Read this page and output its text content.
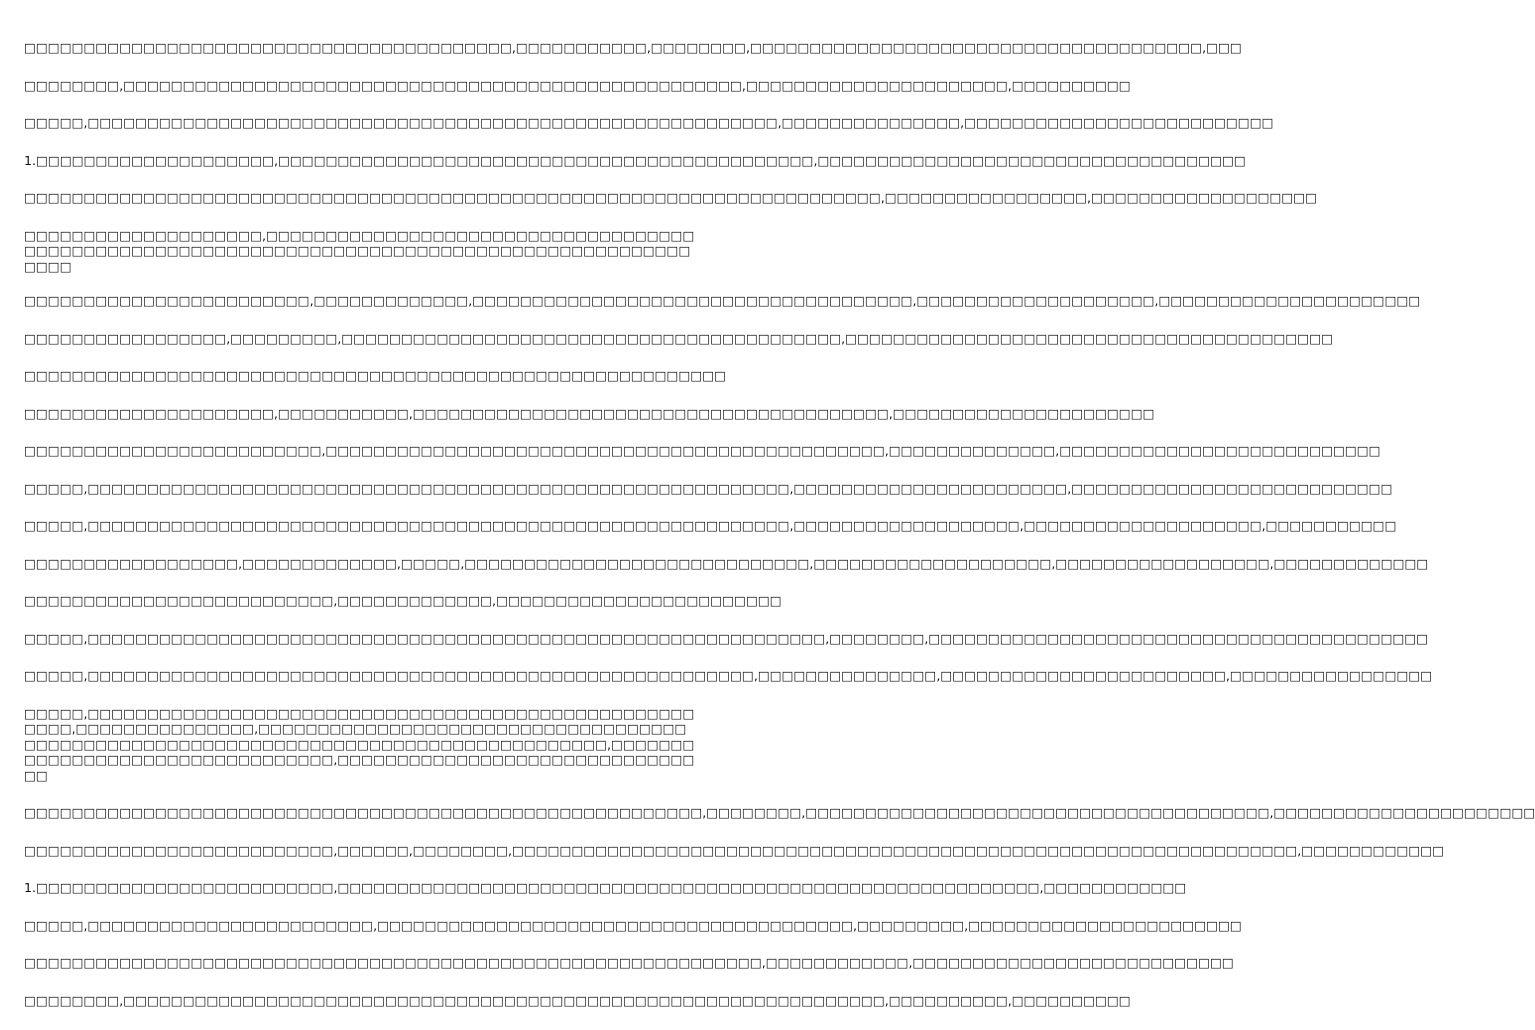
□□□□□□□□□□□□□□□□□□□□□□□□□□□□□□□□□□□□□□□□□,□□□□□□□□□□□,□□□□□□□□,□□□□□□□□□□□□□□□□□□□□□□□□□□□□□□□□□□□□□□,□□□

□□□□□□□□,□□□□□□□□□□□□□□□□□□□□□□□□□□□□□□□□□□□□□□□□□□□□□□□□□□□□,□□□□□□□□□□□□□□□□□□□□□□,□□□□□□□□□□

□□□□□,□□□□□□□□□□□□□□□□□□□□□□□□□□□□□□□□□□□□□□□□□□□□□□□□□□□□□□□□□□,□□□□□□□□□□□□□□□,□□□□□□□□□□□□□□□□□□□□□□□□□□

1.□□□□□□□□□□□□□□□□□□□□,□□□□□□□□□□□□□□□□□□□□□□□□□□□□□□□□□□□□□□□□□□□□□,□□□□□□□□□□□□□□□□□□□□□□□□□□□□□□□□□□□□

□□□□□□□□□□□□□□□□□□□□□□□□□□□□□□□□□□□□□□□□□□□□□□□□□□□□□□□□□□□□□□□□□□□□□□□□,□□□□□□□□□□□□□□□□□,□□□□□□□□□□□□□□□□□□□

□□□□□□□□□□□□□□□□□□□□,□□□□□□□□□□□□□□□□□□□□□□□□□□□□□□□□□□□□□□□□□□□□□□□□□□□□□□□□□□□□□□□□□□□□□□□□□□□□□□□□□□□□□□□□□□□□□□□□

□□□□□□□□□□□□□□□□□□□□□□□□,□□□□□□□□□□□□□,□□□□□□□□□□□□□□□□□□□□□□□□□□□□□□□□□□□□□,□□□□□□□□□□□□□□□□□□□□,□□□□□□□□□□□□□□□□□□□□□□

□□□□□□□□□□□□□□□□□,□□□□□□□□□,□□□□□□□□□□□□□□□□□□□□□□□□□□□□□□□□□□□□□□□□□□,□□□□□□□□□□□□□□□□□□□□□□□□□□□□□□□□□□□□□□□□□

□□□□□□□□□□□□□□□□□□□□□□□□□□□□□□□□□□□□□□□□□□□□□□□□□□□□□□□□□□□

□□□□□□□□□□□□□□□□□□□□□,□□□□□□□□□□□,□□□□□□□□□□□□□□□□□□□□□□□□□□□□□□□□□□□□□□□□,□□□□□□□□□□□□□□□□□□□□□□

□□□□□□□□□□□□□□□□□□□□□□□□□,□□□□□□□□□□□□□□□□□□□□□□□□□□□□□□□□□□□□□□□□□□□□□□□,□□□□□□□□□□□□□□,□□□□□□□□□□□□□□□□□□□□□□□□□□□

□□□□□,□□□□□□□□□□□□□□□□□□□□□□□□□□□□□□□□□□□□□□□□□□□□□□□□□□□□□□□□□□□,□□□□□□□□□□□□□□□□□□□□□□□,□□□□□□□□□□□□□□□□□□□□□□□□□□□

□□□□□,□□□□□□□□□□□□□□□□□□□□□□□□□□□□□□□□□□□□□□□□□□□□□□□□□□□□□□□□□□□,□□□□□□□□□□□□□□□□□□□,□□□□□□□□□□□□□□□□□□□□,□□□□□□□□□□□

□□□□□□□□□□□□□□□□□□,□□□□□□□□□□□□□,□□□□□,□□□□□□□□□□□□□□□□□□□□□□□□□□□□□,□□□□□□□□□□□□□□□□□□□□,□□□□□□□□□□□□□□□□□□,□□□□□□□□□□□□□

□□□□□□□□□□□□□□□□□□□□□□□□□□,□□□□□□□□□□□□□,□□□□□□□□□□□□□□□□□□□□□□□□

□□□□□,□□□□□□□□□□□□□□□□□□□□□□□□□□□□□□□□□□□□□□□□□□□□□□□□□□□□□□□□□□□□□□,□□□□□□□□,□□□□□□□□□□□□□□□□□□□□□□□□□□□□□□□□□□□□□□□□□□

□□□□□,□□□□□□□□□□□□□□□□□□□□□□□□□□□□□□□□□□□□□□□□□□□□□□□□□□□□□□□□,□□□□□□□□□□□□□□□,□□□□□□□□□□□□□□□□□□□□□□□□,□□□□□□□□□□□□□□□□□

□□□□□,□□□□□□□□□□□□□□□□□□□□□□□□□□□□□□□□□□□□□□□□□□□□□□□□□□□□□□□,□□□□□□□□□□□□□□□,□□□□□□□□□□□□□□□□□□□□□□□□□□□□□□□□□□□□□□□□□□□□□□□□□□□□□□□□□□□□□□□□□□□□□□□□□□□□□□□□□□□□□,□□□□□□□□□□□□□□□□□□□□□□□□□□□□□□□□□,□□□□□□□□□□□□□□□□□□□□□□□□□□□□□□□□

□□□□□□□□□□□□□□□□□□□□□□□□□□□□□□□□□□□□□□□□□□□□□□□□□□□□□□□□□,□□□□□□□□,□□□□□□□□□□□□□□□□□□□□□□□□□□□□□□□□□□□□□□□,□□□□□□□□□□□□□□□□□□□□□□

□□□□□□□□□□□□□□□□□□□□□□□□□□,□□□□□□,□□□□□□□□,□□□□□□□□□□□□□□□□□□□□□□□□□□□□□□□□□□□□□□□□□□□□□□□□□□□□□□□□□□□□□□□□□□,□□□□□□□□□□□□

1.□□□□□□□□□□□□□□□□□□□□□□□□□,□□□□□□□□□□□□□□□□□□□□□□□□□□□□□□□□□□□□□□□□□□□□□□□□□□□□□□□□□□□,□□□□□□□□□□□□

□□□□□,□□□□□□□□□□□□□□□□□□□□□□□□,□□□□□□□□□□□□□□□□□□□□□□□□□□□□□□□□□□□□□□□□,□□□□□□□□□,□□□□□□□□□□□□□□□□□□□□□□□

□□□□□□□□□□□□□□□□□□□□□□□□□□□□□□□□□□□□□□□□□□□□□□□□□□□□□□□□□□□□□□,□□□□□□□□□□□□,□□□□□□□□□□□□□□□□□□□□□□□□□□□

□□□□□□□□,□□□□□□□□□□□□□□□□□□□□□□□□□□□□□□□□□□□□□□□□□□□□□□□□□□□□□□□□□□□□□□□□,□□□□□□□□□□,□□□□□□□□□□
